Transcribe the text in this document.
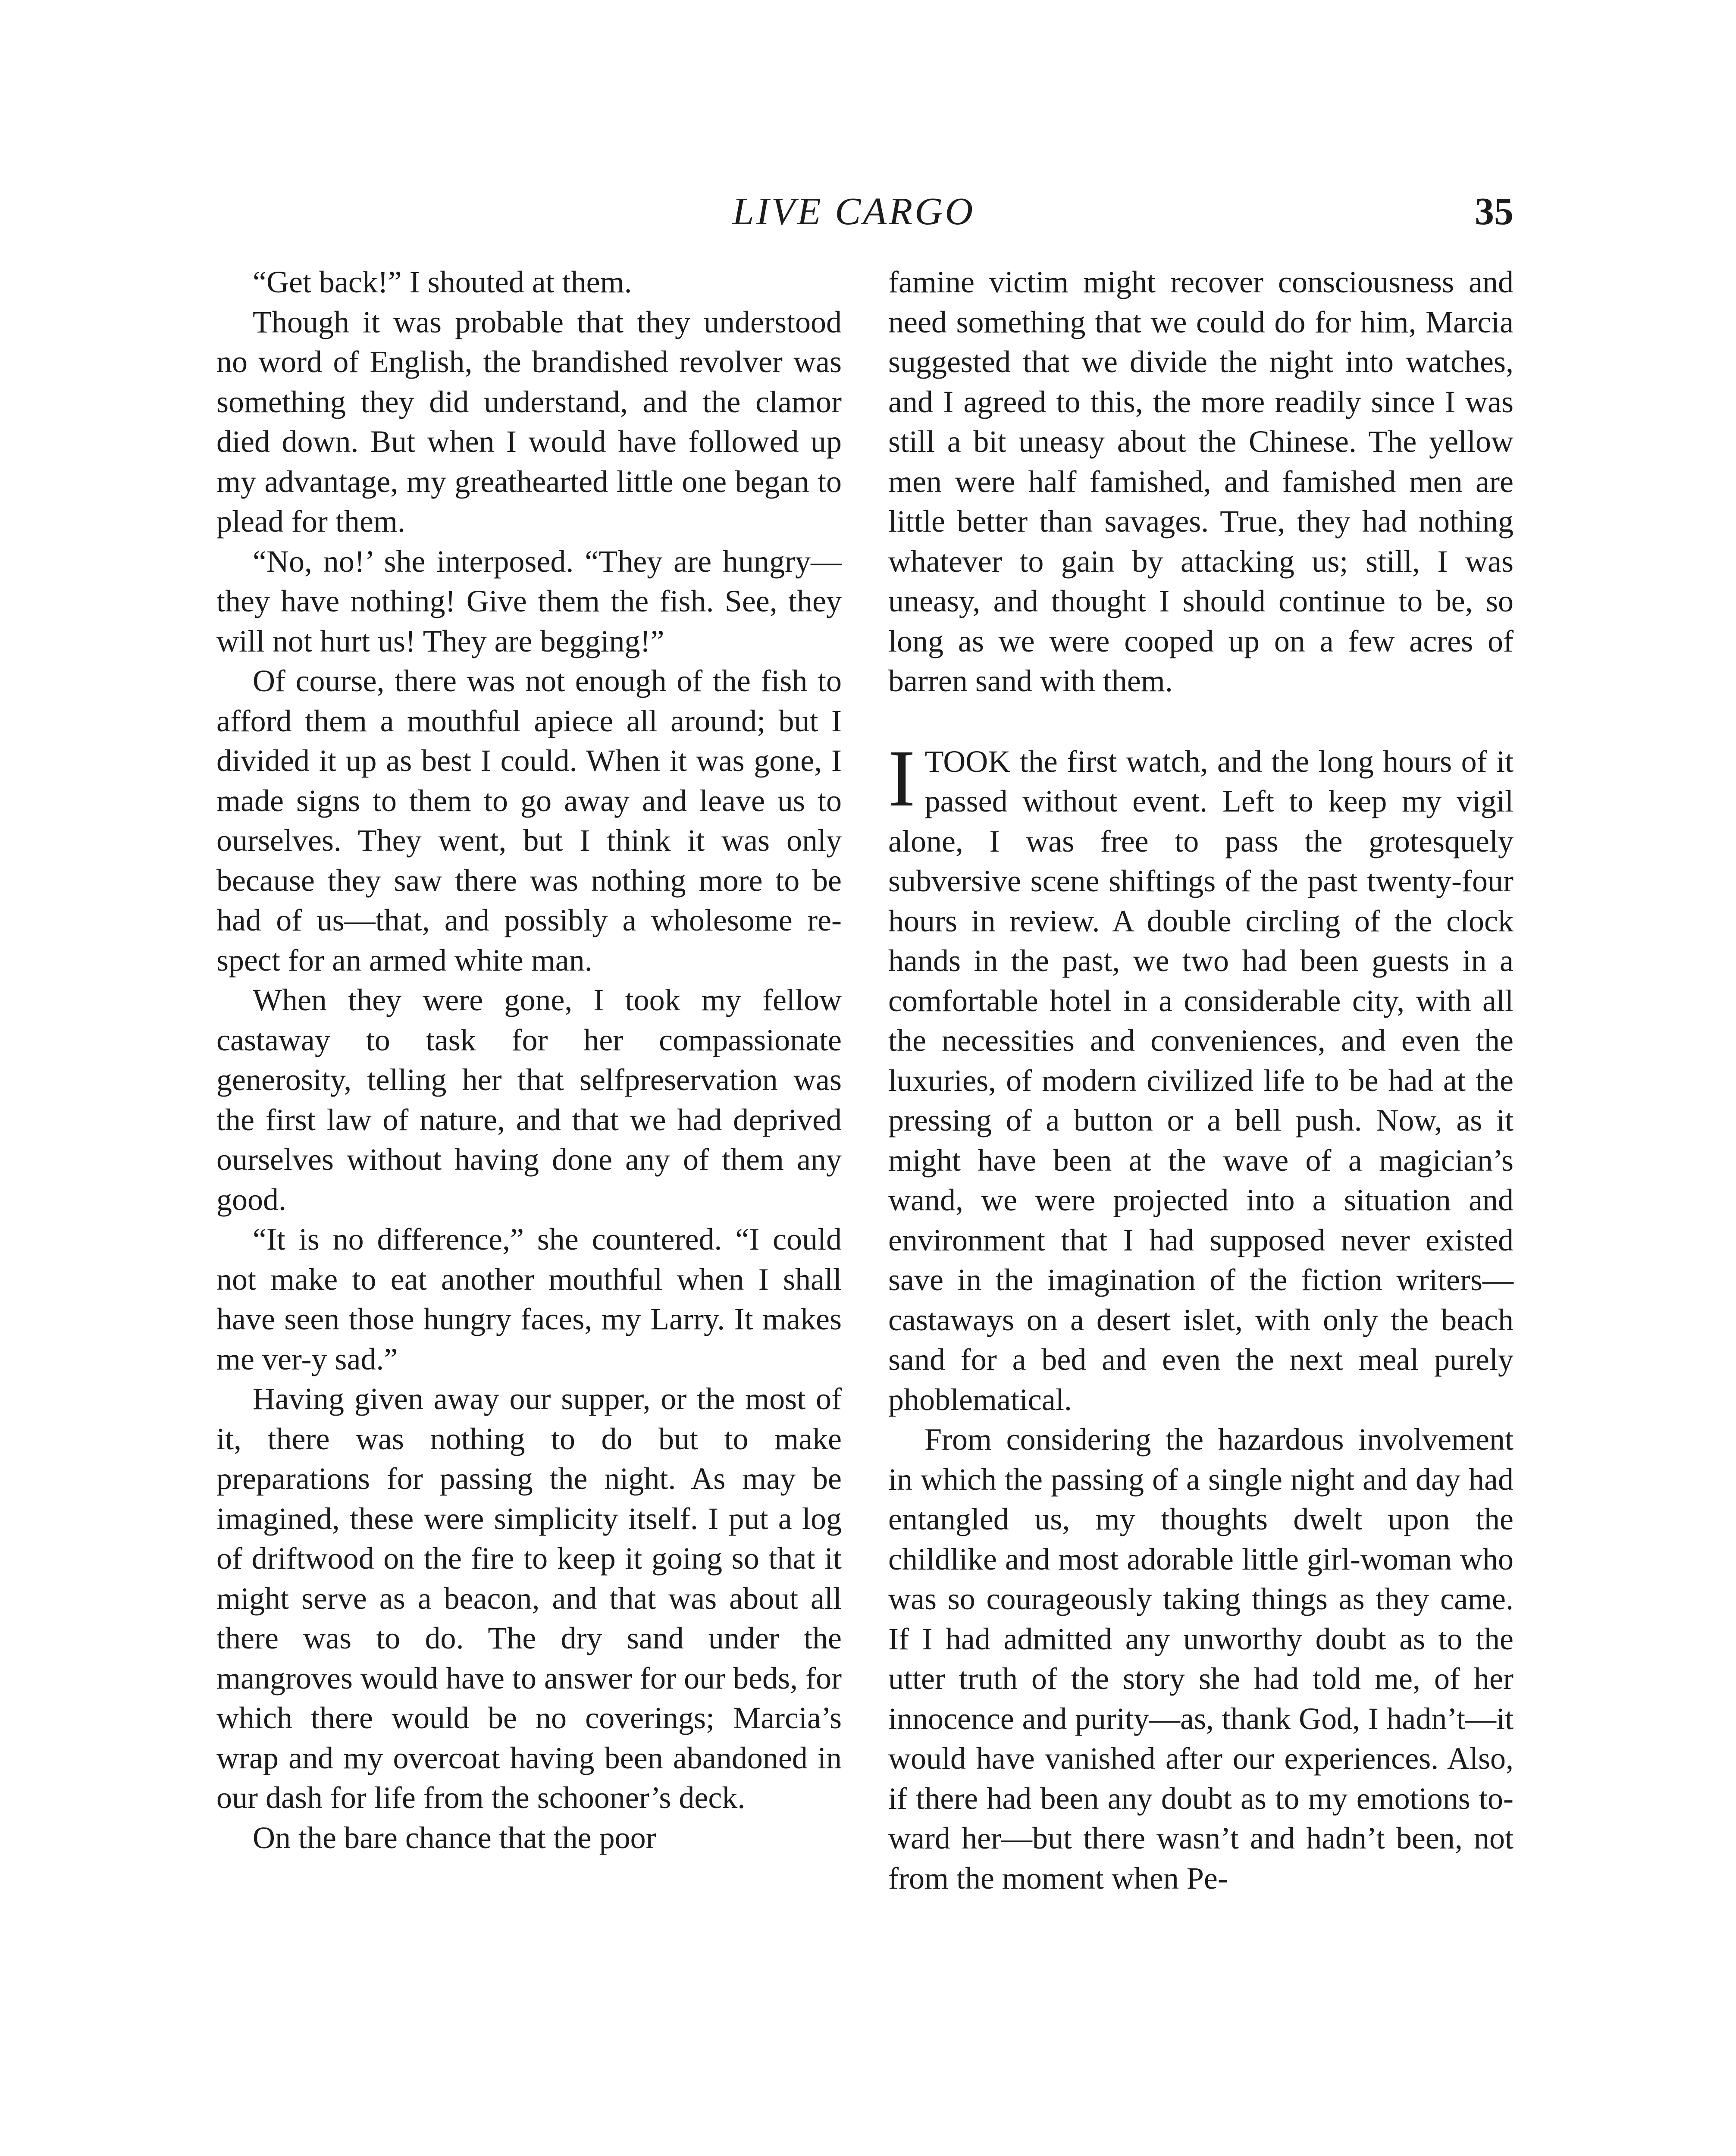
LIVE CARGO	35

“Get back!” I shouted at them.

Though it was probable that they understood no word of English, the brandished revolver was something they did understand, and the clamor died down. But when I would have followed up my advantage, my greathearted little one began to plead for them.

“No, no!’ she interposed. “They are hungry—they have nothing! Give them the fish. See, they will not hurt us! They are begging!”

Of course, there was not enough of the fish to afford them a mouthful apiece all around; but I divided it up as best I could. When it was gone, I made signs to them to go away and leave us to ourselves. They went, but I think it was only because they saw there was nothing more to be had of us—that, and possibly a wholesome respect for an armed white man.

When they were gone, I took my fellow castaway to task for her compassionate generosity, telling her that selfpreservation was the first law of nature, and that we had deprived ourselves without having done any of them any good.

“It is no difference,” she countered. “I could not make to eat another mouthful when I shall have seen those hungry faces, my Larry. It makes me ver-y sad.”

Having given away our supper, or the most of it, there was nothing to do but to make preparations for passing the night. As may be imagined, these were simplicity itself. I put a log of driftwood on the fire to keep it going so that it might serve as a beacon, and that was about all there was to do. The dry sand under the mangroves would have to answer for our beds, for which there would be no coverings; Marcia’s wrap and my overcoat having been abandoned in our dash for life from the schooner’s deck.

On the bare chance that the poor

famine victim might recover consciousness and need something that we could do for him, Marcia suggested that we divide the night into watches, and I agreed to this, the more readily since I was still a bit uneasy about the Chinese. The yellow men were half famished, and famished men are little better than savages. True, they had nothing whatever to gain by attacking us; still, I was uneasy, and thought I should continue to be, so long as we were cooped up on a few acres of barren sand with them.

ITOOK the first watch, and the long hours of it passed without event. Left to keep my vigil alone, I was free to pass the grotesquely subversive scene shiftings of the past twenty-four hours in review. A double circling of the clock hands in the past, we two had been guests in a comfortable hotel in a considerable city, with all the necessities and conveniences, and even the luxuries, of modern civilized life to be had at the pressing of a button or a bell push. Now, as it might have been at the wave of a magician’s wand, we were projected into a situation and environment that I had supposed never existed save in the imagination of the fiction writers—castaways on a desert islet, with only the beach sand for a bed and even the next meal purely phoblematical.

From considering the hazardous involvement in which the passing of a single night and day had entangled us, my thoughts dwelt upon the childlike and most adorable little girl-woman who was so courageously taking things as they came. If I had admitted any unworthy doubt as to the utter truth of the story she had told me, of her innocence and purity—as, thank God, I hadn’t—it would have vanished after our experiences. Also, if there had been any doubt as to my emotions toward her—but there wasn’t and hadn’t been, not from the moment when Pe-
